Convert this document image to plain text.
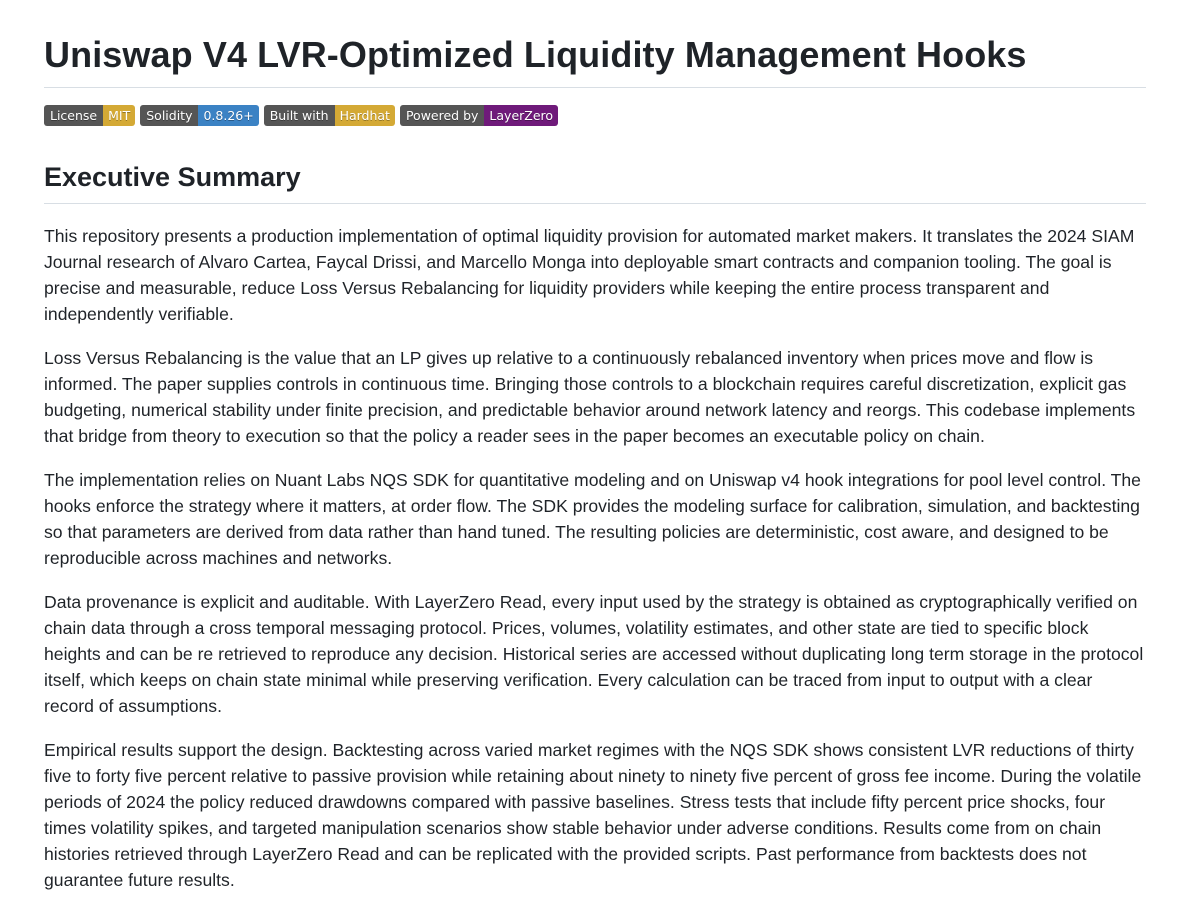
Uniswap V4 LVR-Optimized Liquidity Management Hooks
License MIT	Solidity 0.8.26+	Built with Hardhat	Powered by LayerZero
Executive Summary

This repository presents a production implementation of optimal liquidity provision for automated market makers. It translates the 2024 SIAM Journal research of Alvaro Cartea, Faycal Drissi, and Marcello Monga into deployable smart contracts and companion tooling. The goal is precise and measurable, reduce Loss Versus Rebalancing for liquidity providers while keeping the entire process transparent and independently verifiable.

Loss Versus Rebalancing is the value that an LP gives up relative to a continuously rebalanced inventory when prices move and flow is informed. The paper supplies controls in continuous time. Bringing those controls to a blockchain requires careful discretization, explicit gas budgeting, numerical stability under finite precision, and predictable behavior around network latency and reorgs. This codebase implements that bridge from theory to execution so that the policy a reader sees in the paper becomes an executable policy on chain.

The implementation relies on Nuant Labs NQS SDK for quantitative modeling and on Uniswap v4 hook integrations for pool level control. The hooks enforce the strategy where it matters, at order flow. The SDK provides the modeling surface for calibration, simulation, and backtesting so that parameters are derived from data rather than hand tuned. The resulting policies are deterministic, cost aware, and designed to be reproducible across machines and networks.

Data provenance is explicit and auditable. With LayerZero Read, every input used by the strategy is obtained as cryptographically verified on chain data through a cross temporal messaging protocol. Prices, volumes, volatility estimates, and other state are tied to specific block heights and can be re retrieved to reproduce any decision. Historical series are accessed without duplicating long term storage in the protocol itself, which keeps on chain state minimal while preserving verification. Every calculation can be traced from input to output with a clear record of assumptions.

Empirical results support the design. Backtesting across varied market regimes with the NQS SDK shows consistent LVR reductions of thirty five to forty five percent relative to passive provision while retaining about ninety to ninety five percent of gross fee income. During the volatile periods of 2024 the policy reduced drawdowns compared with passive baselines. Stress tests that include fifty percent price shocks, four times volatility spikes, and targeted manipulation scenarios show stable behavior under adverse conditions. Results come from on chain histories retrieved through LayerZero Read and can be replicated with the provided scripts. Past performance from backtests does not guarantee future results.
